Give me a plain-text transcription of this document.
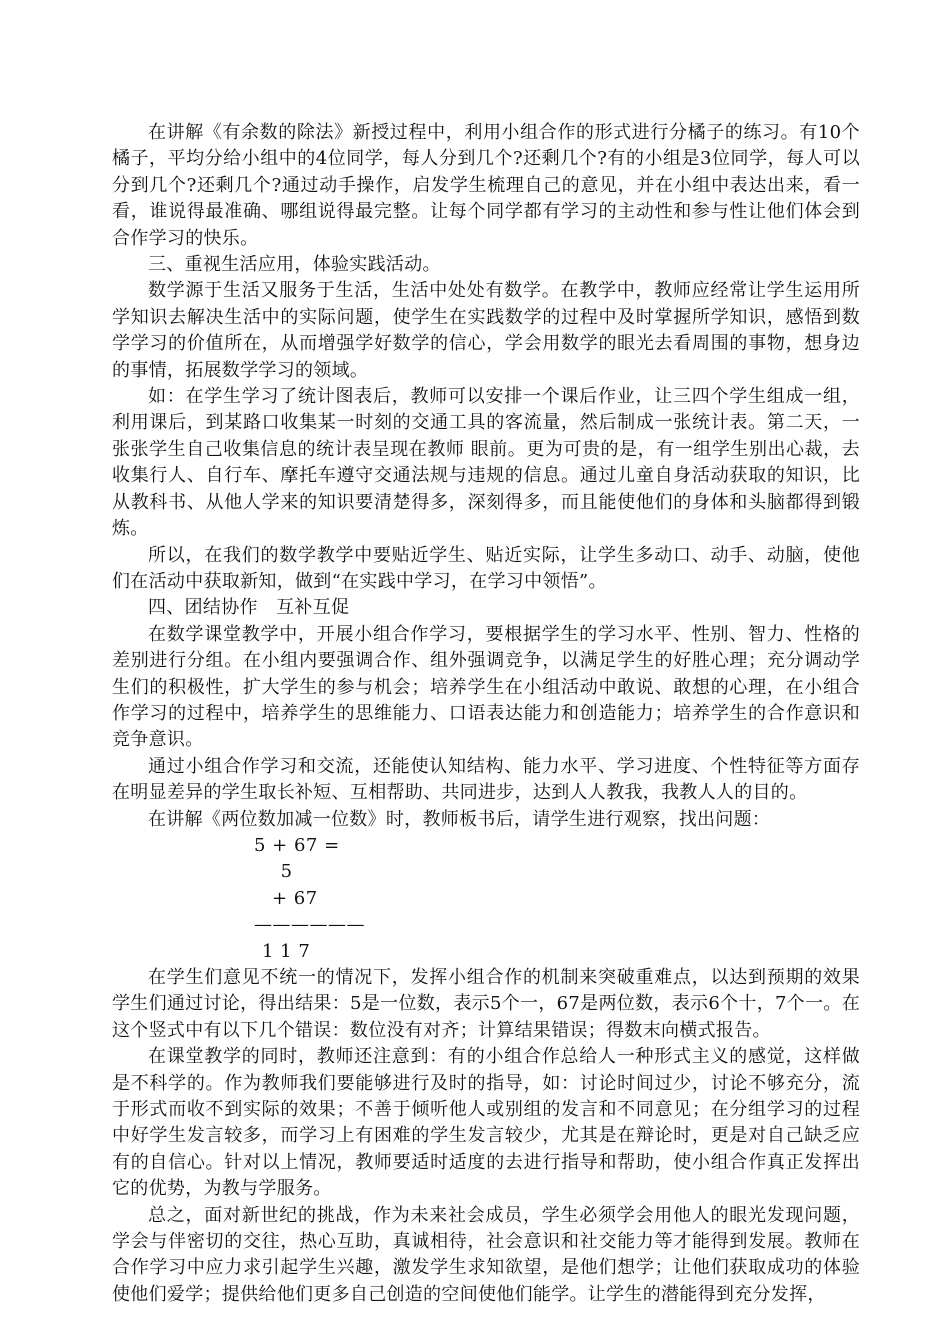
在讲解《有余数的除法》新授过程中，利用小组合作的形式进行分橘子的练习。有10个橘子，平均分给小组中的4位同学，每人分到几个?还剩几个?有的小组是3位同学，每人可以分到几个?还剩几个?通过动手操作，启发学生梳理自己的意见，并在小组中表达出来，看一看，谁说得最准确、哪组说得最完整。让每个同学都有学习的主动性和参与性让他们体会到合作学习的快乐。

三、重视生活应用，体验实践活动。

数学源于生活又服务于生活，生活中处处有数学。在教学中，教师应经常让学生运用所学知识去解决生活中的实际问题，使学生在实践数学的过程中及时掌握所学知识，感悟到数学学习的价值所在，从而增强学好数学的信心，学会用数学的眼光去看周围的事物，想身边的事情，拓展数学学习的领域。

如：在学生学习了统计图表后，教师可以安排一个课后作业，让三四个学生组成一组，利用课后，到某路口收集某一时刻的交通工具的客流量，然后制成一张统计表。第二天，一张张学生自己收集信息的统计表呈现在教师 眼前。更为可贵的是，有一组学生别出心裁，去收集行人、自行车、摩托车遵守交通法规与违规的信息。通过儿童自身活动获取的知识，比从教科书、从他人学来的知识要清楚得多，深刻得多，而且能使他们的身体和头脑都得到锻炼。

所以，在我们的数学教学中要贴近学生、贴近实际，让学生多动口、动手、动脑，使他们在活动中获取新知，做到“在实践中学习，在学习中领悟”。

四、团结协作　互补互促

在数学课堂教学中，开展小组合作学习，要根据学生的学习水平、性别、智力、性格的差别进行分组。在小组内要强调合作、组外强调竞争，以满足学生的好胜心理；充分调动学生们的积极性，扩大学生的参与机会；培养学生在小组活动中敢说、敢想的心理，在小组合作学习的过程中，培养学生的思维能力、口语表达能力和创造能力；培养学生的合作意识和竞争意识。

通过小组合作学习和交流，还能使认知结构、能力水平、学习进度、个性特征等方面存在明显差异的学生取长补短、互相帮助、共同进步，达到人人教我，我教人人的目的。

在讲解《两位数加减一位数》时，教师板书后，请学生进行观察，找出问题：

5 + 67 =
5
+ 67
——————
1 1 7

在学生们意见不统一的情况下，发挥小组合作的机制来突破重难点，以达到预期的效果学生们通过讨论，得出结果：5是一位数，表示5个一，67是两位数，表示6个十，7个一。在这个竖式中有以下几个错误：数位没有对齐；计算结果错误；得数末向横式报告。

在课堂教学的同时，教师还注意到：有的小组合作总给人一种形式主义的感觉，这样做是不科学的。作为教师我们要能够进行及时的指导，如：讨论时间过少，讨论不够充分，流于形式而收不到实际的效果；不善于倾听他人或别组的发言和不同意见；在分组学习的过程中好学生发言较多，而学习上有困难的学生发言较少，尤其是在辩论时，更是对自己缺乏应有的自信心。针对以上情况，教师要适时适度的去进行指导和帮助，使小组合作真正发挥出它的优势，为教与学服务。

总之，面对新世纪的挑战，作为未来社会成员，学生必须学会用他人的眼光发现问题，学会与伴密切的交往，热心互助，真诚相待，社会意识和社交能力等才能得到发展。教师在合作学习中应力求引起学生兴趣，激发学生求知欲望，是他们想学；让他们获取成功的体验使他们爱学；提供给他们更多自己创造的空间使他们能学。让学生的潜能得到充分发挥，
